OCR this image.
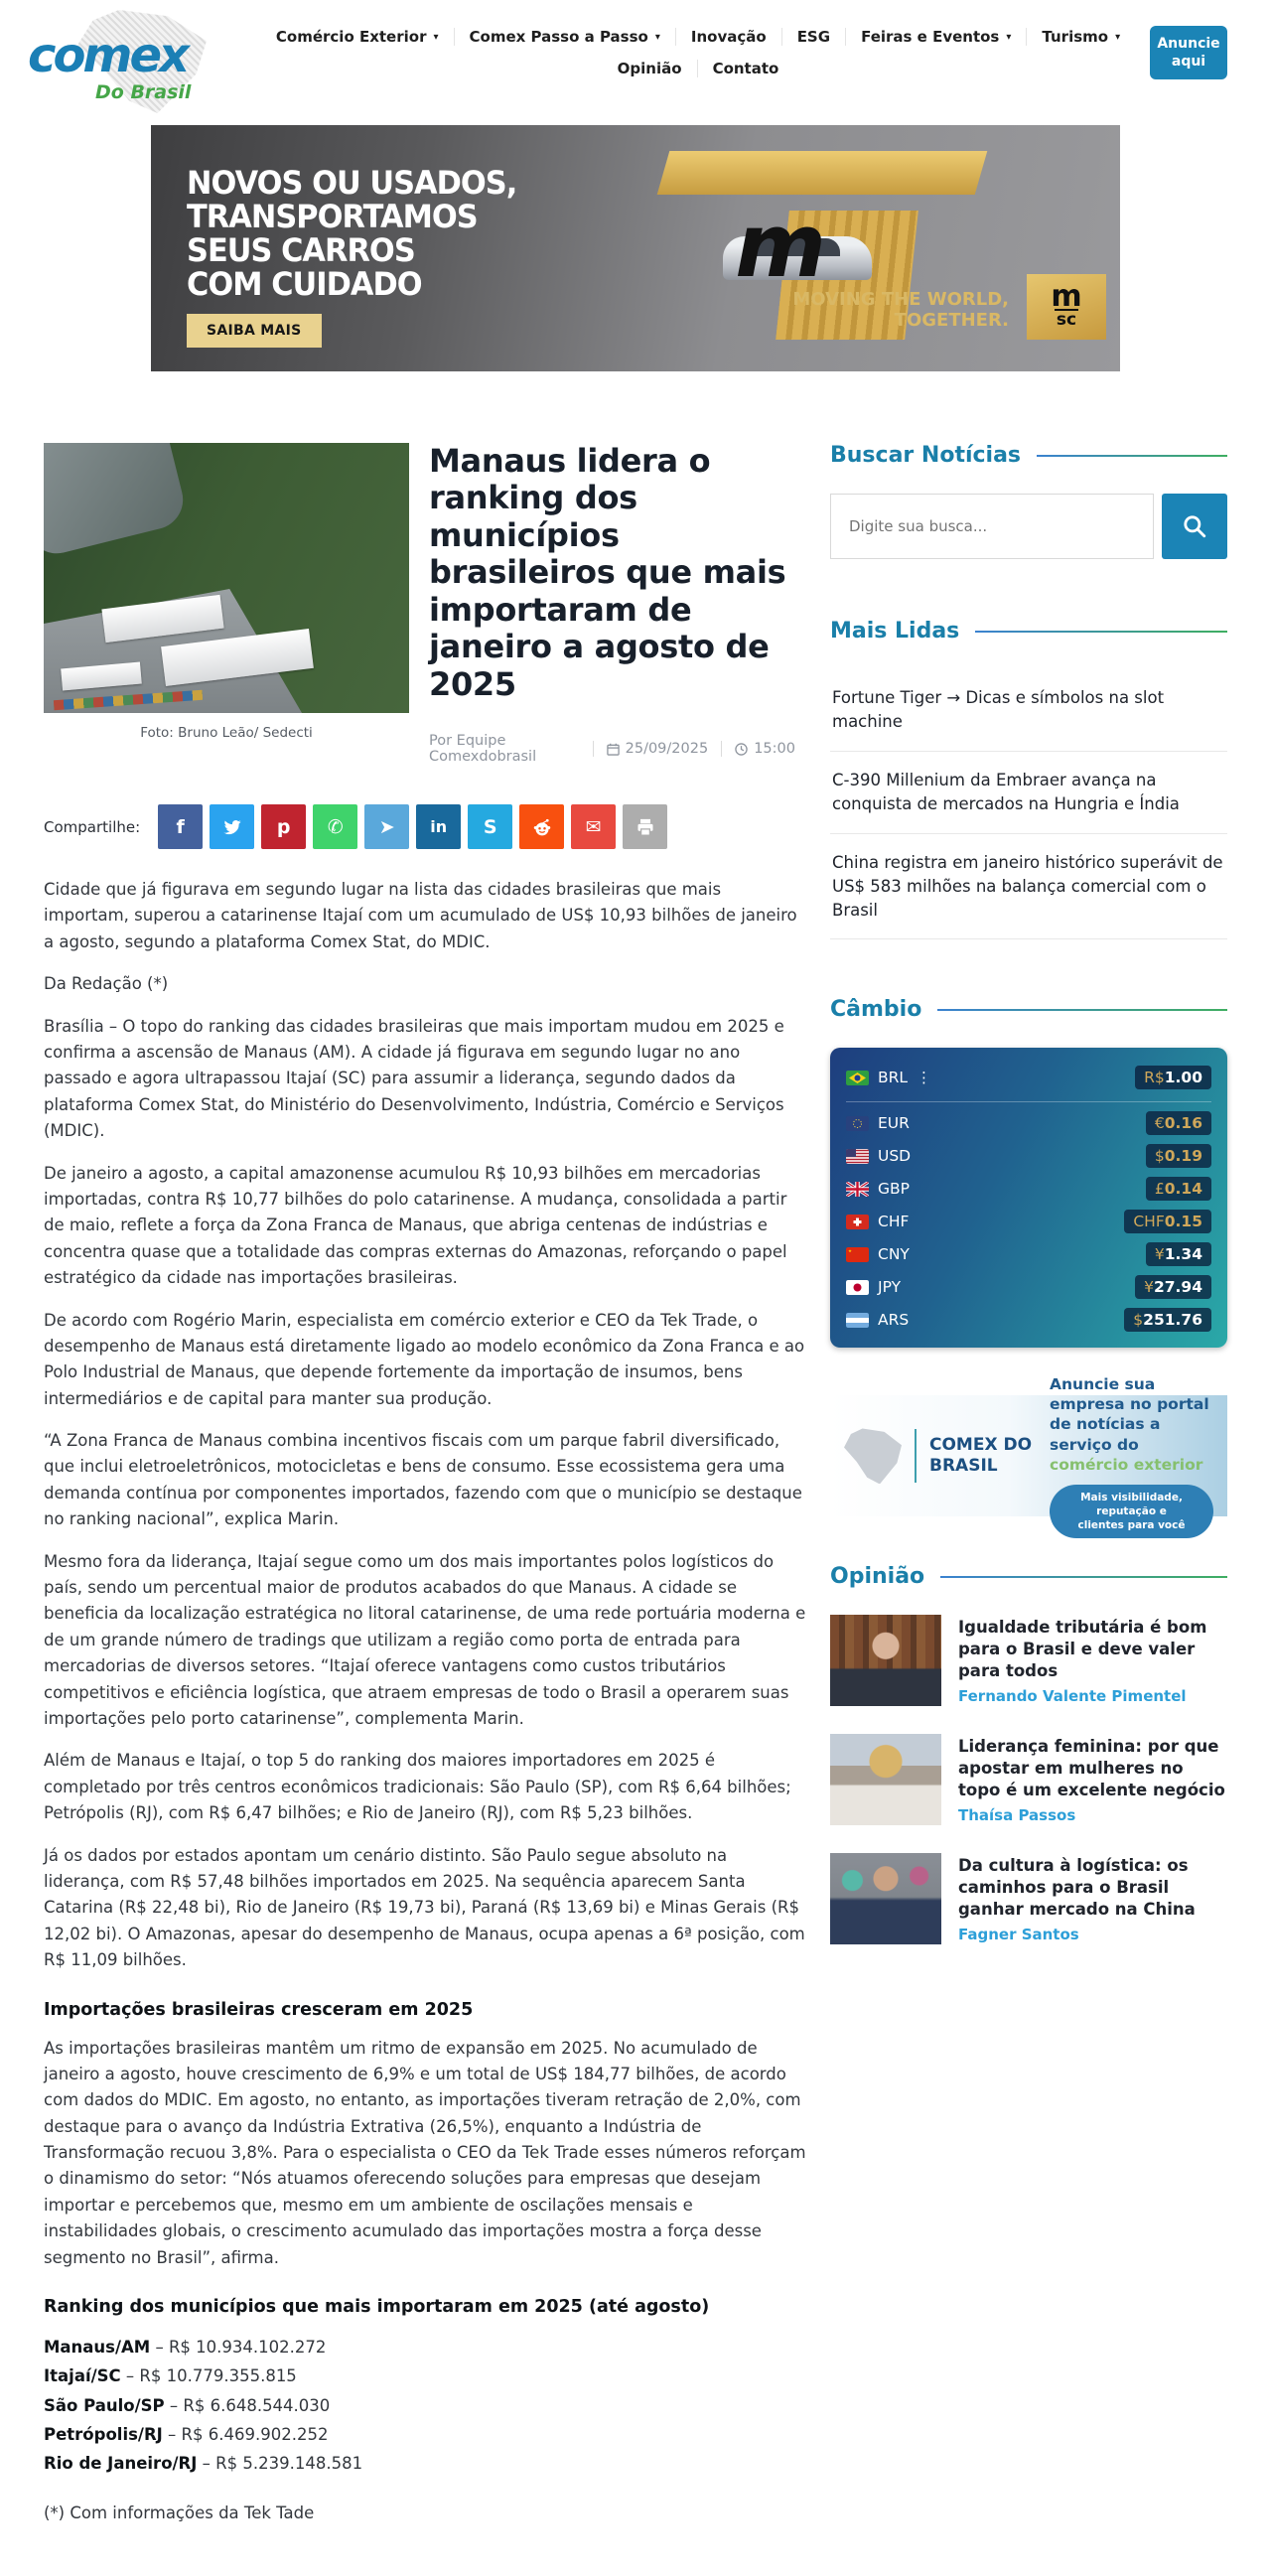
comex
Do Brasil
Comércio Exterior ▾ Comex Passo a Passo ▾ Inovação ESG Feiras e Eventos ▾ Turismo ▾
Opinião Contato
Anuncie aqui
NOVOS OU USADOS,
TRANSPORTAMOS
SEUS CARROS
COM CUIDADO	m
SAIBA MAIS
MOVING THE WORLD,
TOGETHER.
m
sc
Foto: Bruno Leão/ Sedecti
Manaus lidera o ranking dos municípios brasileiros que mais importaram de janeiro a agosto de 2025
Por Equipe Comexdobrasil	25/09/2025	15:00
Compartilhe: f	p ✆ ➤ in S	✉

Cidade que já figurava em segundo lugar na lista das cidades brasileiras que mais importam, superou a catarinense Itajaí com um acumulado de US$ 10,93 bilhões de janeiro a agosto, segundo a plataforma Comex Stat, do MDIC.

Da Redação (*)

Brasília – O topo do ranking das cidades brasileiras que mais importam mudou em 2025 e confirma a ascensão de Manaus (AM). A cidade já figurava em segundo lugar no ano passado e agora ultrapassou Itajaí (SC) para assumir a liderança, segundo dados da plataforma Comex Stat, do Ministério do Desenvolvimento, Indústria, Comércio e Serviços (MDIC).

De janeiro a agosto, a capital amazonense acumulou R$ 10,93 bilhões em mercadorias importadas, contra R$ 10,77 bilhões do polo catarinense. A mudança, consolidada a partir de maio, reflete a força da Zona Franca de Manaus, que abriga centenas de indústrias e concentra quase que a totalidade das compras externas do Amazonas, reforçando o papel estratégico da cidade nas importações brasileiras.

De acordo com Rogério Marin, especialista em comércio exterior e CEO da Tek Trade, o desempenho de Manaus está diretamente ligado ao modelo econômico da Zona Franca e ao Polo Industrial de Manaus, que depende fortemente da importação de insumos, bens intermediários e de capital para manter sua produção.

“A Zona Franca de Manaus combina incentivos fiscais com um parque fabril diversificado, que inclui eletroeletrônicos, motocicletas e bens de consumo. Esse ecossistema gera uma demanda contínua por componentes importados, fazendo com que o município se destaque no ranking nacional”, explica Marin.

Mesmo fora da liderança, Itajaí segue como um dos mais importantes polos logísticos do país, sendo um percentual maior de produtos acabados do que Manaus. A cidade se beneficia da localização estratégica no litoral catarinense, de uma rede portuária moderna e de um grande número de tradings que utilizam a região como porta de entrada para mercadorias de diversos setores. “Itajaí oferece vantagens como custos tributários competitivos e eficiência logística, que atraem empresas de todo o Brasil a operarem suas importações pelo porto catarinense”, complementa Marin.

Além de Manaus e Itajaí, o top 5 do ranking dos maiores importadores em 2025 é completado por três centros econômicos tradicionais: São Paulo (SP), com R$ 6,64 bilhões; Petrópolis (RJ), com R$ 6,47 bilhões; e Rio de Janeiro (RJ), com R$ 5,23 bilhões.

Já os dados por estados apontam um cenário distinto. São Paulo segue absoluto na liderança, com R$ 57,48 bilhões importados em 2025. Na sequência aparecem Santa Catarina (R$ 22,48 bi), Rio de Janeiro (R$ 19,73 bi), Paraná (R$ 13,69 bi) e Minas Gerais (R$ 12,02 bi). O Amazonas, apesar do desempenho de Manaus, ocupa apenas a 6ª posição, com R$ 11,09 bilhões.

Importações brasileiras cresceram em 2025

As importações brasileiras mantêm um ritmo de expansão em 2025. No acumulado de janeiro a agosto, houve crescimento de 6,9% e um total de US$ 184,77 bilhões, de acordo com dados do MDIC. Em agosto, no entanto, as importações tiveram retração de 2,0%, com destaque para o avanço da Indústria Extrativa (26,5%), enquanto a Indústria de Transformação recuou 3,8%. Para o especialista o CEO da Tek Trade esses números reforçam o dinamismo do setor: “Nós atuamos oferecendo soluções para empresas que desejam importar e percebemos que, mesmo em um ambiente de oscilações mensais e instabilidades globais, o crescimento acumulado das importações mostra a força desse segmento no Brasil”, afirma.

Ranking dos municípios que mais importaram em 2025 (até agosto)
Manaus/AM – R$ 10.934.102.272
Itajaí/SC – R$ 10.779.355.815
São Paulo/SP – R$ 6.648.544.030
Petrópolis/RJ – R$ 6.469.902.252
Rio de Janeiro/RJ – R$ 5.239.148.581

(*) Com informações da Tek Tade

Buscar Notícias
Digite sua busca...
Mais Lidas
Fortune Tiger → Dicas e símbolos na slot machine
C-390 Millenium da Embraer avança na conquista de mercados na Hungria e Índia
China registra em janeiro histórico superávit de US$ 583 milhões na balança comercial com o Brasil
Câmbio
BRL ⋮	R$1.00
EUR	€0.16
USD	$0.19
GBP	£0.14
CHF	CHF0.15
CNY	¥1.34
JPY	¥27.94
ARS	$251.76
COMEX DO BRASIL
Anuncie sua empresa no portal de notícias a serviço do comércio exterior
Mais visibilidade, reputação e
clientes para você
Opinião
Igualdade tributária é bom para o Brasil e deve valer para todos
Fernando Valente Pimentel
Liderança feminina: por que apostar em mulheres no topo é um excelente negócio
Thaísa Passos
Da cultura à logística: os caminhos para o Brasil ganhar mercado na China
Fagner Santos
